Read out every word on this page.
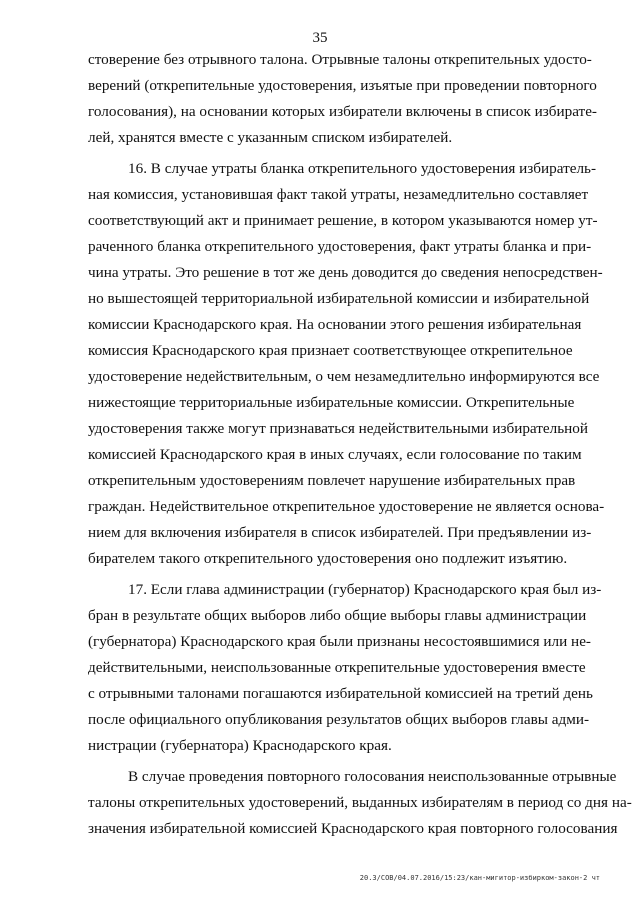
35
стоверение без отрывного талона. Отрывные талоны открепительных удосто-
верений (открепительные удостоверения, изъятые при проведении повторного
голосования), на основании которых избиратели включены в список избирате-
лей, хранятся вместе с указанным списком избирателей.
16. В случае утраты бланка открепительного удостоверения избиратель-
ная комиссия, установившая факт такой утраты, незамедлительно составляет
соответствующий акт и принимает решение, в котором указываются номер ут-
раченного бланка открепительного удостоверения, факт утраты бланка и при-
чина утраты. Это решение в тот же день доводится до сведения непосредствен-
но вышестоящей территориальной избирательной комиссии и избирательной
комиссии Краснодарского края. На основании этого решения избирательная
комиссия Краснодарского края признает соответствующее открепительное
удостоверение недействительным, о чем незамедлительно информируются все
нижестоящие территориальные избирательные комиссии. Открепительные
удостоверения также могут признаваться недействительными избирательной
комиссией Краснодарского края в иных случаях, если голосование по таким
открепительным удостоверениям повлечет нарушение избирательных прав
граждан. Недействительное открепительное удостоверение не является основа-
нием для включения избирателя в список избирателей. При предъявлении из-
бирателем такого открепительного удостоверения оно подлежит изъятию.
17. Если глава администрации (губернатор) Краснодарского края был из-
бран в результате общих выборов либо общие выборы главы администрации
(губернатора) Краснодарского края были признаны несостоявшимися или не-
действительными, неиспользованные открепительные удостоверения вместе
с отрывными талонами погашаются избирательной комиссией на третий день
после официального опубликования результатов общих выборов главы адми-
нистрации (губернатора) Краснодарского края.
В случае проведения повторного голосования неиспользованные отрывные
талоны открепительных удостоверений, выданных избирателям в период со дня на-
значения избирательной комиссией Краснодарского края повторного голосования
20.3/СОВ/04.07.2016/15:23/кан-мигитор-избирком-закон-2 чт
